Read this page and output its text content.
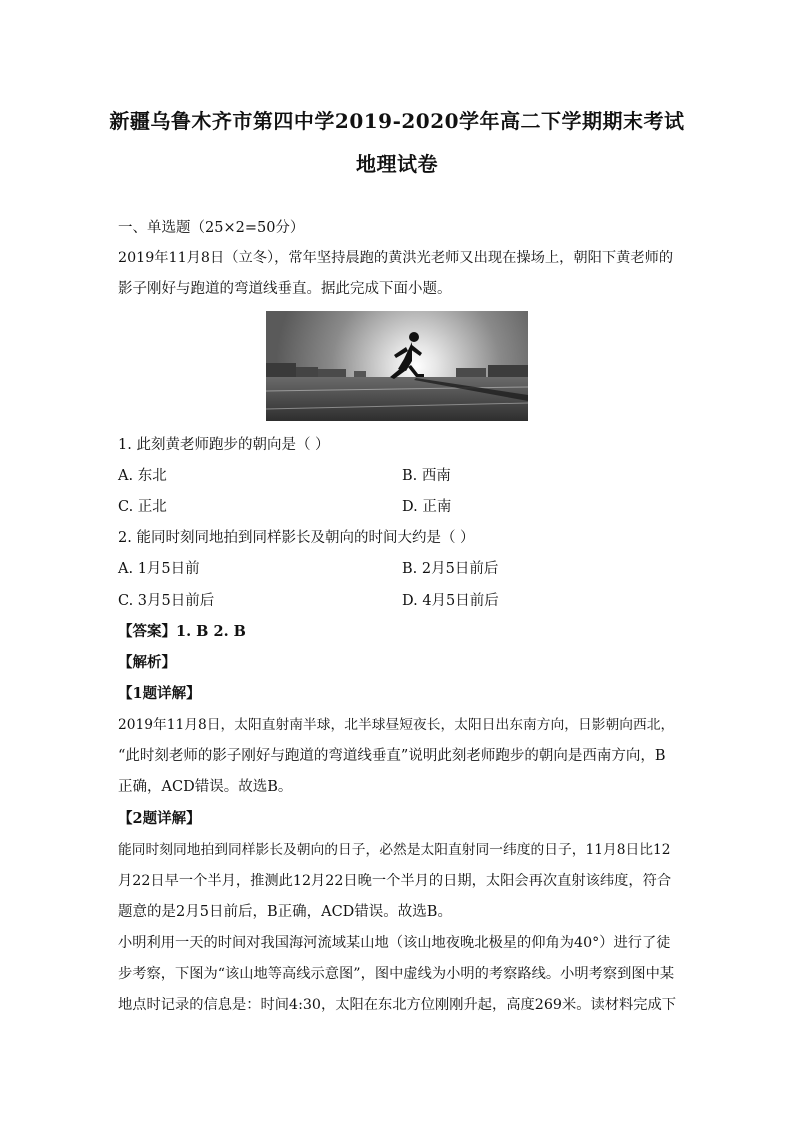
新疆乌鲁木齐市第四中学2019-2020学年高二下学期期末考试
地理试卷
一、单选题（25×2=50分）
2019年11月8日（立冬），常年坚持晨跑的黄洪光老师又出现在操场上，朝阳下黄老师的
影子刚好与跑道的弯道线垂直。据此完成下面小题。
1. 此刻黄老师跑步的朝向是（ ）
A. 东北	B. 西南
C. 正北	D. 正南
2. 能同时刻同地拍到同样影长及朝向的时间大约是（ ）
A. 1月5日前	B. 2月5日前后
C. 3月5日前后	D. 4月5日前后
【答案】1. B 2. B
【解析】
【1题详解】
2019年11月8日，太阳直射南半球，北半球昼短夜长，太阳日出东南方向，日影朝向西北，
“此时刻老师的影子刚好与跑道的弯道线垂直”说明此刻老师跑步的朝向是西南方向，B
正确，ACD错误。故选B。
【2题详解】
能同时刻同地拍到同样影长及朝向的日子，必然是太阳直射同一纬度的日子，11月8日比12
月22日早一个半月，推测此12月22日晚一个半月的日期，太阳会再次直射该纬度，符合
题意的是2月5日前后，B正确，ACD错误。故选B。
小明利用一天的时间对我国海河流域某山地（该山地夜晚北极星的仰角为40°）进行了徒
步考察，下图为“该山地等高线示意图”，图中虚线为小明的考察路线。小明考察到图中某
地点时记录的信息是：时间4:30，太阳在东北方位刚刚升起，高度269米。读材料完成下
